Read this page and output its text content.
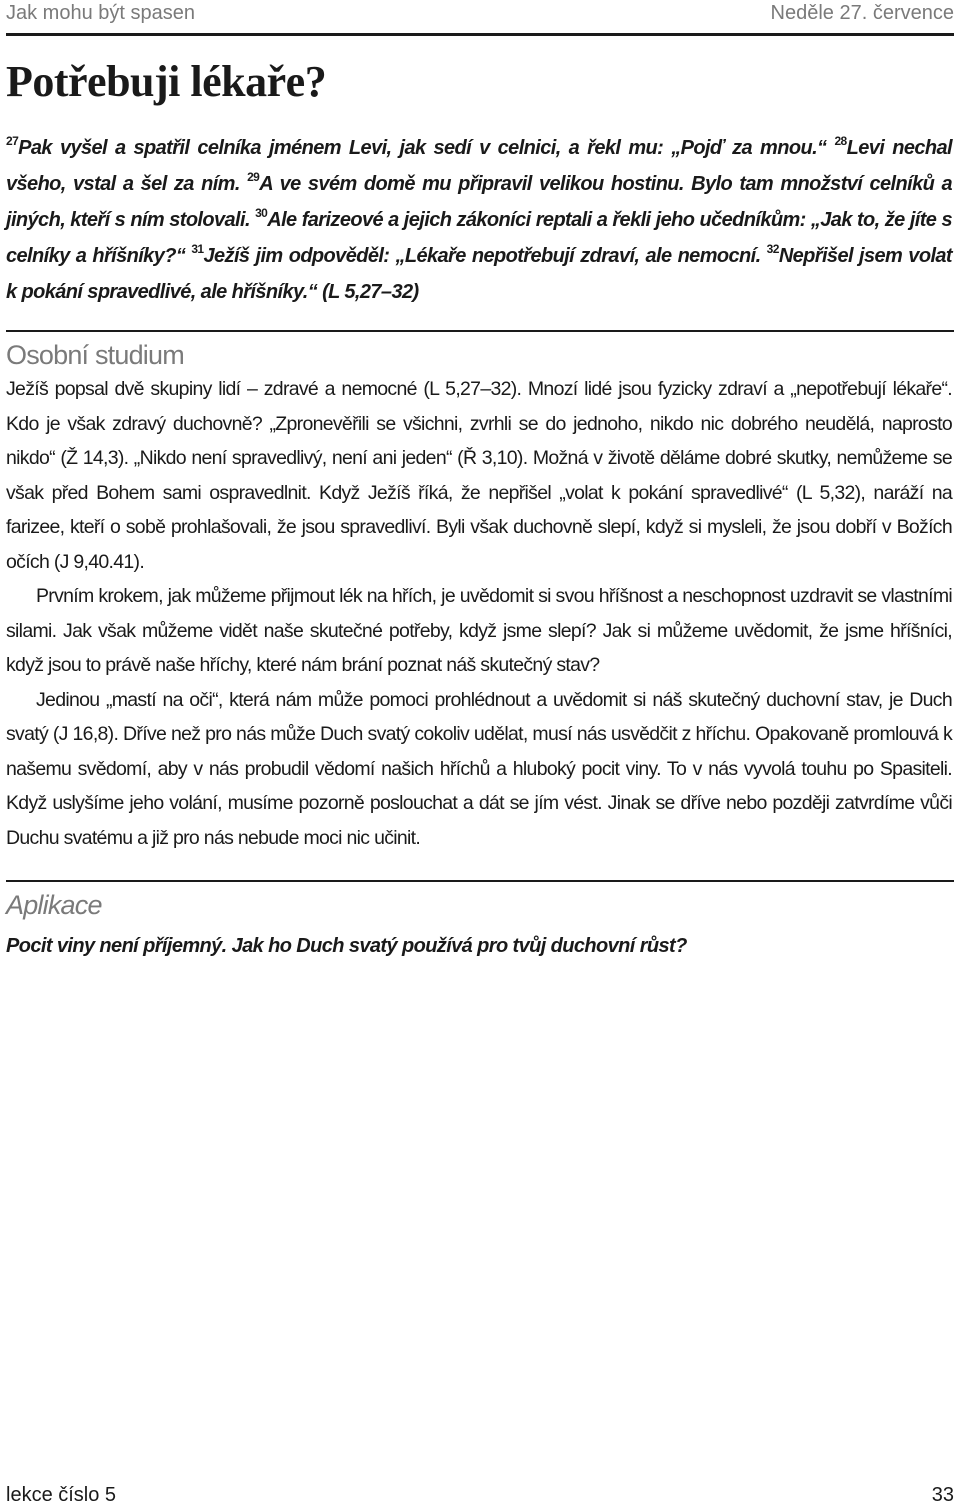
Jak mohu být spasen	Neděle 27. července
Potřebuji lékaře?
$^{27}$Pak vyšel a spatřil celníka jménem Levi, jak sedí v celnici, a řekl mu: „Pojď za mnou.“ $^{28}$Levi nechal všeho, vstal a šel za ním. $^{29}$A ve svém domě mu připravil velikou hostinu. Bylo tam množství celníků a jiných, kteří s ním stolovali. $^{30}$Ale farizeové a jejich zákoníci reptali a řekli jeho učedníkům: „Jak to, že jíte s celníky a hříšníky?“ $^{31}$Ježíš jim odpověděl: „Lékaře nepotřebují zdraví, ale nemocní. $^{32}$Nepřišel jsem volat k pokání spravedlivé, ale hříšníky.“ (L 5,27–32)
Osobní studium

Ježíš popsal dvě skupiny lidí – zdravé a nemocné (L 5,27–32). Mnozí lidé jsou fyzicky zdraví a „nepotřebují lékaře“. Kdo je však zdravý duchovně? „Zpronevěřili se všichni, zvrhli se do jednoho, nikdo nic dobrého neudělá, naprosto nikdo“ (Ž 14,3). „Nikdo není spravedlivý, není ani jeden“ (Ř 3,10). Možná v životě děláme dobré skutky, nemůžeme se však před Bohem sami ospravedlnit. Když Ježíš říká, že nepřišel „volat k pokání spravedlivé“ (L 5,32), naráží na farizee, kteří o sobě prohlašovali, že jsou spravedliví. Byli však duchovně slepí, když si mysleli, že jsou dobří v Božích očích (J 9,40.41).

Prvním krokem, jak můžeme přijmout lék na hřích, je uvědomit si svou hříšnost a neschopnost uzdravit se vlastními silami. Jak však můžeme vidět naše skutečné potřeby, když jsme slepí? Jak si můžeme uvědomit, že jsme hříšníci, když jsou to právě naše hříchy, které nám brání poznat náš skutečný stav?

Jedinou „mastí na oči“, která nám může pomoci prohlédnout a uvědomit si náš skutečný duchovní stav, je Duch svatý (J 16,8). Dříve než pro nás může Duch svatý cokoliv udělat, musí nás usvědčit z hříchu. Opakovaně promlouvá k našemu svědomí, aby v nás probudil vědomí našich hříchů a hluboký pocit viny. To v nás vyvolá touhu po Spasiteli. Když uslyšíme jeho volání, musíme pozorně poslouchat a dát se jím vést. Jinak se dříve nebo později zatvrdíme vůči Duchu svatému a již pro nás nebude moci nic učinit.

Aplikace
Pocit viny není příjemný. Jak ho Duch svatý používá pro tvůj duchovní růst?
lekce číslo 5	33
